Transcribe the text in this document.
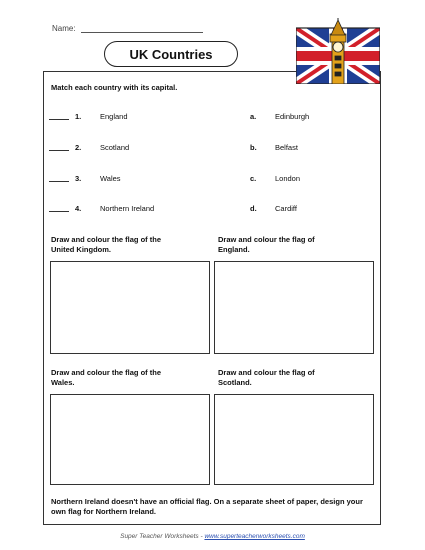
Name:
UK Countries
Match each country with its capital.
1. England	a. Edinburgh
2. Scotland	b. Belfast
3. Wales	c. London
4. Northern Ireland	d. Cardiff
Draw and colour the flag of the
United Kingdom.
Draw and colour the flag of
England.
Draw and colour the flag of the
Wales.
Draw and colour the flag of
Scotland.
Northern Ireland doesn't have an official flag. On a separate sheet of paper, design your own flag for Northern Ireland.
Super Teacher Worksheets - www.superteacherworksheets.com
